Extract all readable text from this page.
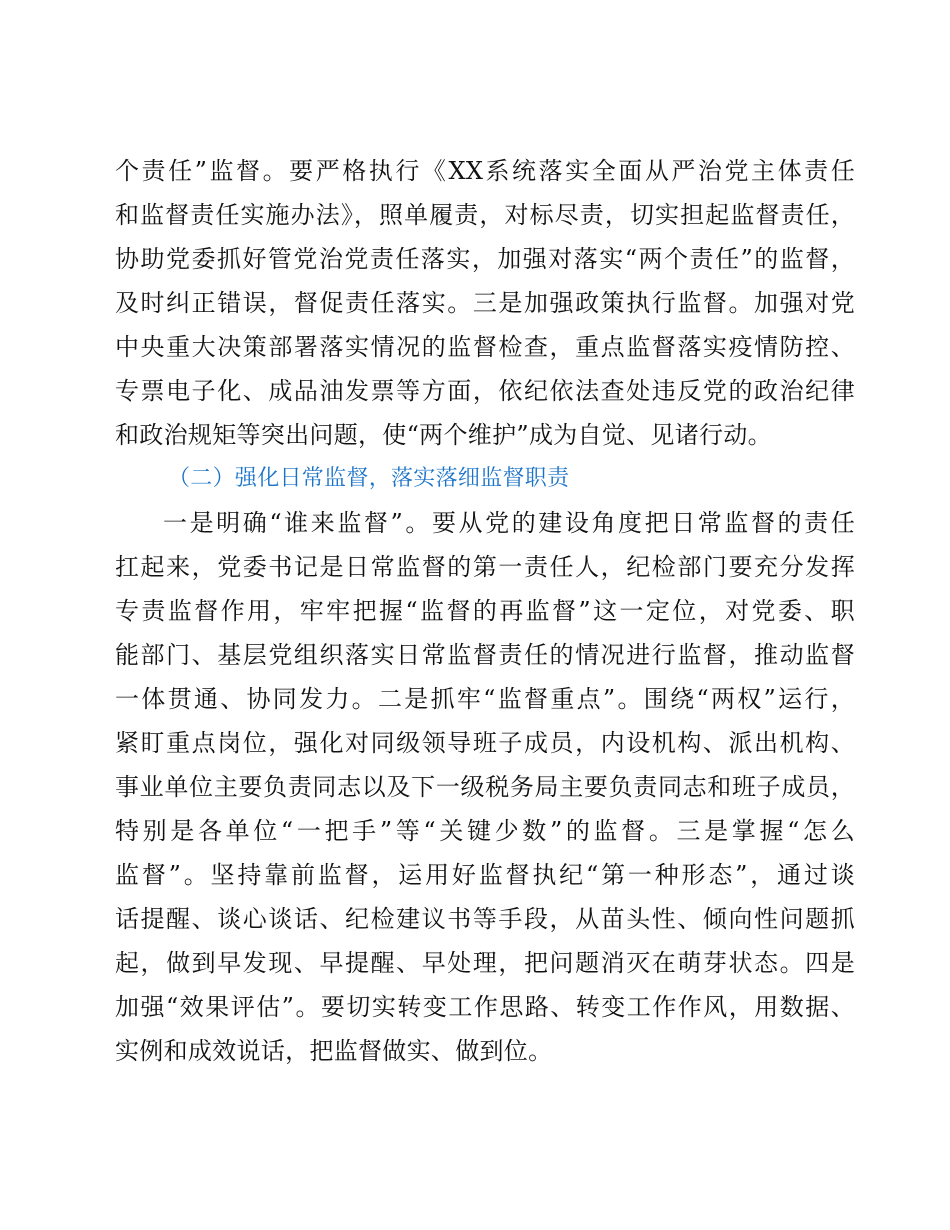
个责任”监督。要严格执行《XX系统落实全面从严治党主体责任
和监督责任实施办法》，照单履责，对标尽责，切实担起监督责任，
协助党委抓好管党治党责任落实，加强对落实“两个责任”的监督，
及时纠正错误，督促责任落实。三是加强政策执行监督。加强对党
中央重大决策部署落实情况的监督检查，重点监督落实疫情防控、
专票电子化、成品油发票等方面，依纪依法查处违反党的政治纪律
和政治规矩等突出问题，使“两个维护”成为自觉、见诸行动。
（二）强化日常监督，落实落细监督职责
一是明确“谁来监督”。要从党的建设角度把日常监督的责任
扛起来，党委书记是日常监督的第一责任人，纪检部门要充分发挥
专责监督作用，牢牢把握“监督的再监督”这一定位，对党委、职
能部门、基层党组织落实日常监督责任的情况进行监督，推动监督
一体贯通、协同发力。二是抓牢“监督重点”。围绕“两权”运行，
紧盯重点岗位，强化对同级领导班子成员，内设机构、派出机构、
事业单位主要负责同志以及下一级税务局主要负责同志和班子成员，
特别是各单位“一把手”等“关键少数”的监督。三是掌握“怎么
监督”。坚持靠前监督，运用好监督执纪“第一种形态”，通过谈
话提醒、谈心谈话、纪检建议书等手段，从苗头性、倾向性问题抓
起，做到早发现、早提醒、早处理，把问题消灭在萌芽状态。四是
加强“效果评估”。要切实转变工作思路、转变工作作风，用数据、
实例和成效说话，把监督做实、做到位。
